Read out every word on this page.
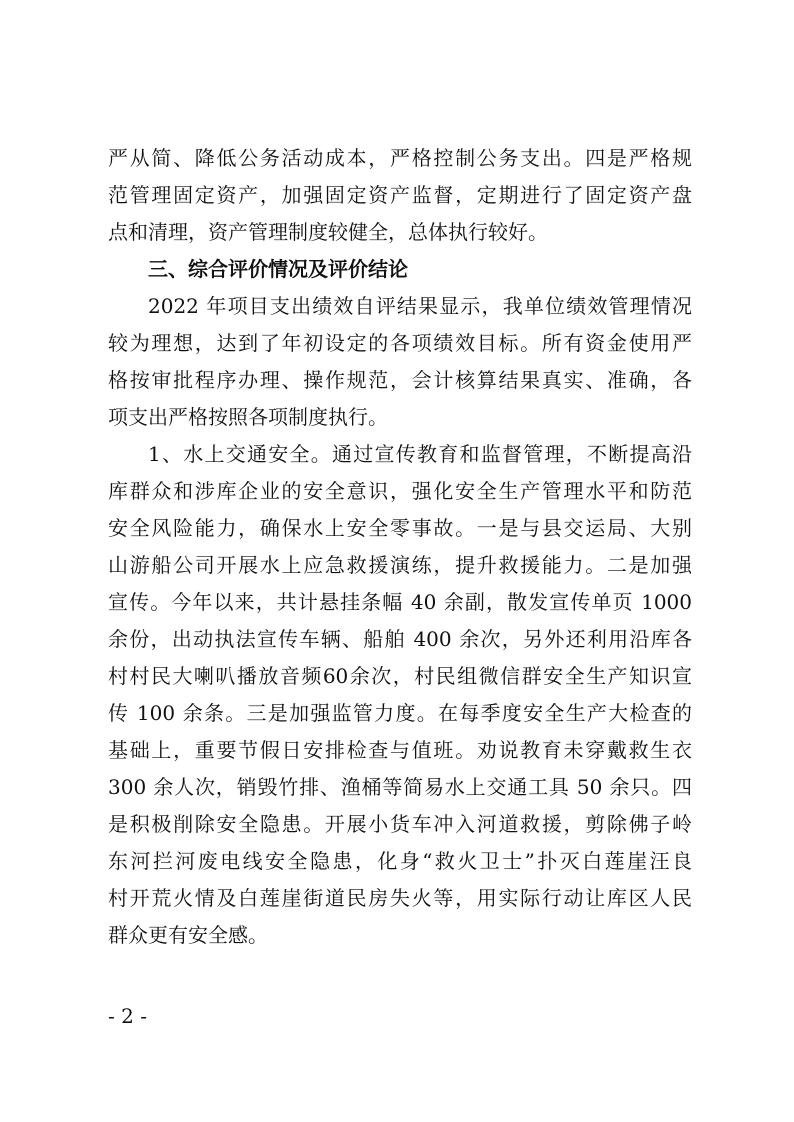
严从简、降低公务活动成本，严格控制公务支出。四是严格规
范管理固定资产，加强固定资产监督，定期进行了固定资产盘
点和清理，资产管理制度较健全，总体执行较好。
三、综合评价情况及评价结论
2022 年项目支出绩效自评结果显示，我单位绩效管理情况
较为理想，达到了年初设定的各项绩效目标。所有资金使用严
格按审批程序办理、操作规范，会计核算结果真实、准确，各
项支出严格按照各项制度执行。
1、水上交通安全。通过宣传教育和监督管理，不断提高沿
库群众和涉库企业的安全意识，强化安全生产管理水平和防范
安全风险能力，确保水上安全零事故。一是与县交运局、大别
山游船公司开展水上应急救援演练，提升救援能力。二是加强
宣传。今年以来，共计悬挂条幅 40 余副，散发宣传单页 1000
余份，出动执法宣传车辆、船舶 400 余次，另外还利用沿库各
村村民大喇叭播放音频60余次，村民组微信群安全生产知识宣
传 100 余条。三是加强监管力度。在每季度安全生产大检查的
基础上，重要节假日安排检查与值班。劝说教育未穿戴救生衣
300 余人次，销毁竹排、渔桶等简易水上交通工具 50 余只。四
是积极削除安全隐患。开展小货车冲入河道救援，剪除佛子岭
东河拦河废电线安全隐患，化身“救火卫士”扑灭白莲崖汪良
村开荒火情及白莲崖街道民房失火等，用实际行动让库区人民
群众更有安全感。
- 2 -
